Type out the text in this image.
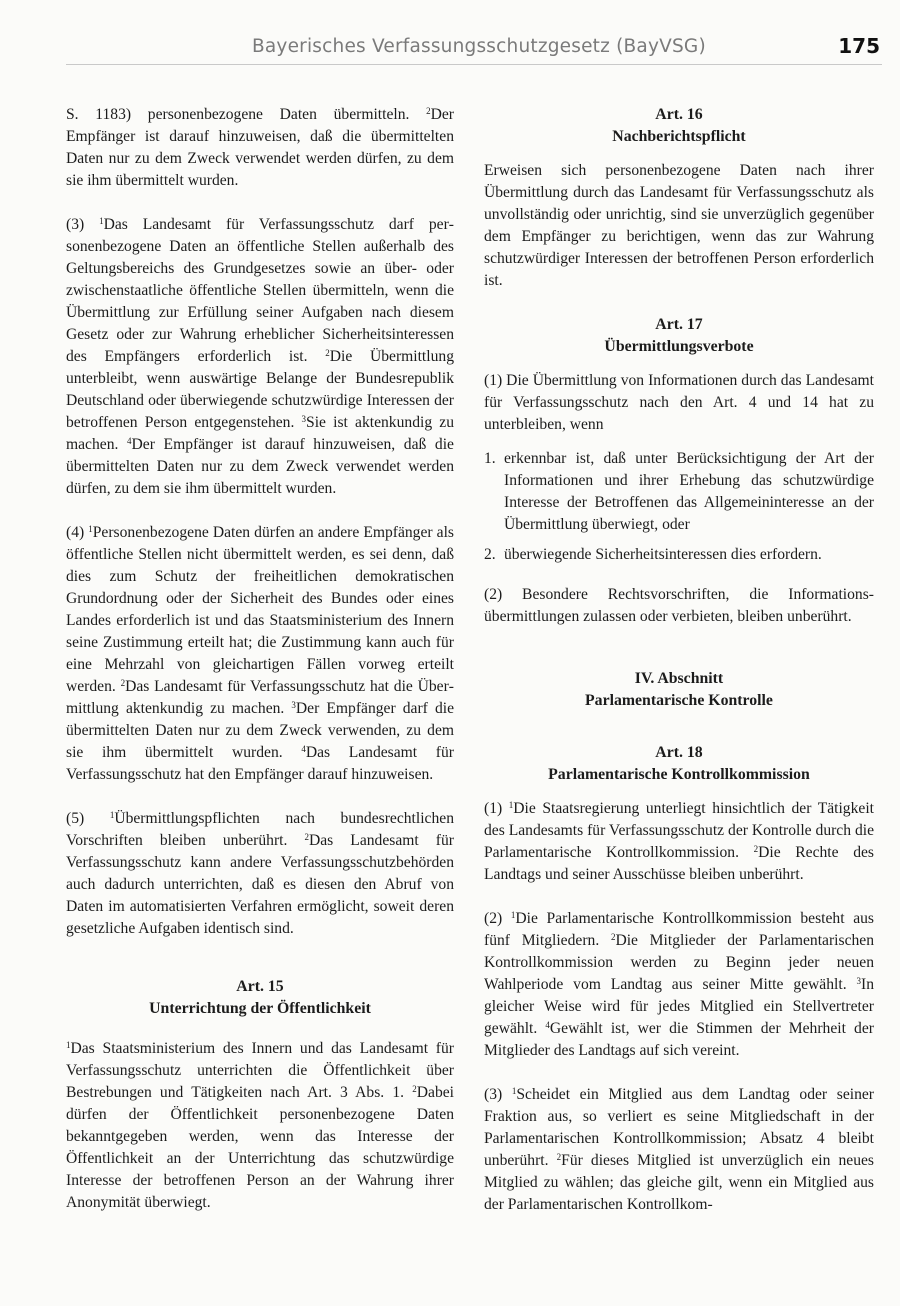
Bayerisches Verfassungsschutzgesetz (BayVSG)	175

S. 1183) personenbezogene Daten übermitteln. $^2$Der Empfänger ist darauf hinzuweisen, daß die übermittelten Daten nur zu dem Zweck verwendet werden dürfen, zu dem sie ihm übermittelt wurden.

(3) $^1$Das Landesamt für Verfassungsschutz darf personenbezogene Daten an öffentliche Stellen außerhalb des Geltungsbereichs des Grundgesetzes sowie an über- oder zwischenstaatliche öffentliche Stellen übermitteln, wenn die Übermittlung zur Erfüllung seiner Aufgaben nach diesem Gesetz oder zur Wahrung erheblicher Sicherheitsinteressen des Empfängers erforderlich ist. $^2$Die Übermittlung unterbleibt, wenn auswärtige Belange der Bundesrepublik Deutschland oder überwiegende schutzwürdige Interessen der betroffenen Person entgegenstehen. $^3$Sie ist aktenkundig zu machen. $^4$Der Empfänger ist darauf hinzuweisen, daß die übermittelten Daten nur zu dem Zweck verwendet werden dürfen, zu dem sie ihm übermittelt wurden.

(4) $^1$Personenbezogene Daten dürfen an andere Empfänger als öffentliche Stellen nicht übermittelt werden, es sei denn, daß dies zum Schutz der freiheitlichen demokratischen Grundordnung oder der Sicherheit des Bundes oder eines Landes erforderlich ist und das Staatsministerium des Innern seine Zustimmung erteilt hat; die Zustimmung kann auch für eine Mehrzahl von gleichartigen Fällen vorweg erteilt werden. $^2$Das Landesamt für Verfassungsschutz hat die Übermittlung aktenkundig zu machen. $^3$Der Empfänger darf die übermittelten Daten nur zu dem Zweck verwenden, zu dem sie ihm übermittelt wurden. $^4$Das Landesamt für Verfassungsschutz hat den Empfänger darauf hinzuweisen.

(5) $^1$Übermittlungspflichten nach bundesrechtlichen Vorschriften bleiben unberührt. $^2$Das Landesamt für Verfassungsschutz kann andere Verfassungsschutzbehörden auch dadurch unterrichten, daß es diesen den Abruf von Daten im automatisierten Verfahren ermöglicht, soweit deren gesetzliche Aufgaben identisch sind.

Art. 15
Unterrichtung der Öffentlichkeit

$^1$Das Staatsministerium des Innern und das Landesamt für Verfassungsschutz unterrichten die Öffentlichkeit über Bestrebungen und Tätigkeiten nach Art. 3 Abs. 1. $^2$Dabei dürfen der Öffentlichkeit personenbezogene Daten bekanntgegeben werden, wenn das Interesse der Öffentlichkeit an der Unterrichtung das schutzwürdige Interesse der betroffenen Person an der Wahrung ihrer Anonymität überwiegt.

Art. 16
Nachberichtspflicht

Erweisen sich personenbezogene Daten nach ihrer Übermittlung durch das Landesamt für Verfassungsschutz als unvollständig oder unrichtig, sind sie unverzüglich gegenüber dem Empfänger zu berichtigen, wenn das zur Wahrung schutzwürdiger Interessen der betroffenen Person erforderlich ist.

Art. 17
Übermittlungsverbote

(1) Die Übermittlung von Informationen durch das Landesamt für Verfassungsschutz nach den Art. 4 und 14 hat zu unterbleiben, wenn

1. erkennbar ist, daß unter Berücksichtigung der Art der Informationen und ihrer Erhebung das schutzwürdige Interesse der Betroffenen das Allgemeininteresse an der Übermittlung überwiegt, oder
2. überwiegende Sicherheitsinteressen dies erfordern.

(2) Besondere Rechtsvorschriften, die Informationsübermittlungen zulassen oder verbieten, bleiben unberührt.

IV. Abschnitt
Parlamentarische Kontrolle
Art. 18
Parlamentarische Kontrollkommission

(1) $^1$Die Staatsregierung unterliegt hinsichtlich der Tätigkeit des Landesamts für Verfassungsschutz der Kontrolle durch die Parlamentarische Kontrollkommission. $^2$Die Rechte des Landtags und seiner Ausschüsse bleiben unberührt.

(2) $^1$Die Parlamentarische Kontrollkommission besteht aus fünf Mitgliedern. $^2$Die Mitglieder der Parlamentarischen Kontrollkommission werden zu Beginn jeder neuen Wahlperiode vom Landtag aus seiner Mitte gewählt. $^3$In gleicher Weise wird für jedes Mitglied ein Stellvertreter gewählt. $^4$Gewählt ist, wer die Stimmen der Mehrheit der Mitglieder des Landtags auf sich vereint.

(3) $^1$Scheidet ein Mitglied aus dem Landtag oder seiner Fraktion aus, so verliert es seine Mitgliedschaft in der Parlamentarischen Kontrollkommission; Absatz 4 bleibt unberührt. $^2$Für dieses Mitglied ist unverzüglich ein neues Mitglied zu wählen; das gleiche gilt, wenn ein Mitglied aus der Parlamentarischen Kontrollkom-
